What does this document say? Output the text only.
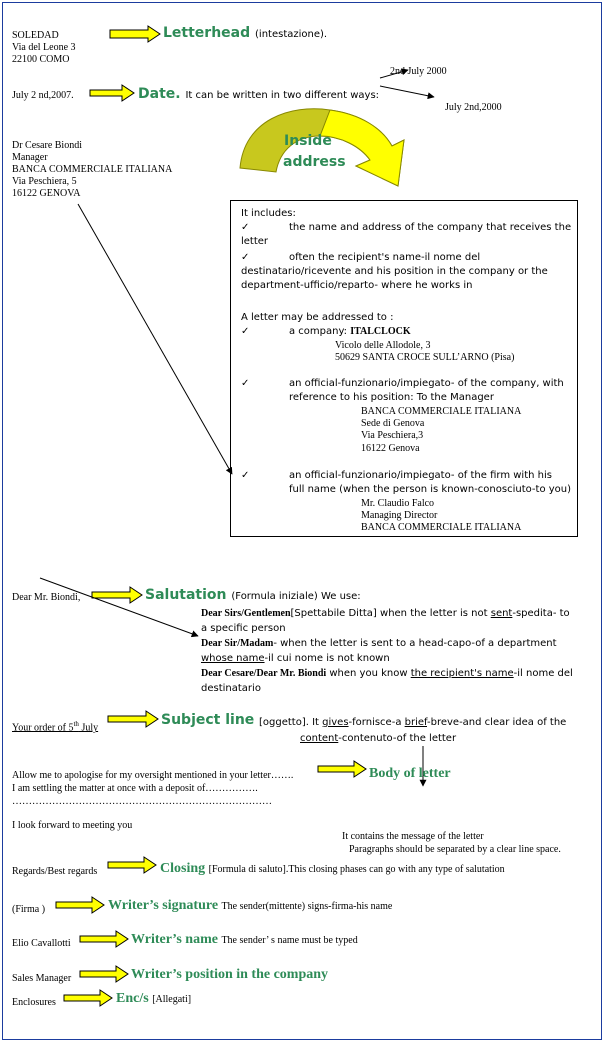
SOLEDAD
Via del Leone 3
22100 COMO
Letterhead (intestazione).
July 2 nd,2007.	Date. It can be written in two different ways:
2nd July 2000
July 2nd,2000
Inside
address
Dr Cesare Biondi
Manager
BANCA COMMERCIALE ITALIANA
Via Peschiera, 5
16122 GENOVA
It includes:
✓	the name and address of the company that receives the
letter
✓	often the recipient's name-il nome del
destinatario/ricevente and his position in the company or the
department-ufficio/reparto- where he works in
A letter may be addressed to :
✓	a company: ITALCLOCK
Vicolo delle Allodole, 3
50629 SANTA CROCE SULL’ARNO (Pisa)
✓	an official-funzionario/impiegato- of the company, with
reference to his position: To the Manager
BANCA COMMERCIALE ITALIANA
Sede di Genova
Via Peschiera,3
16122 Genova
✓	an official-funzionario/impiegato- of the firm with his
full name (when the person is known-conosciuto-to you)
Mr. Claudio Falco
Managing Director
BANCA COMMERCIALE ITALIANA
Dear Mr. Biondi,	Salutation (Formula iniziale) We use:
Dear Sirs/Gentlemen[Spettabile Ditta] when the letter is not sent-spedita- to
a specific person
Dear Sir/Madam- when the letter is sent to a head-capo-of a department
whose name-il cui nome is not known
Dear Cesare/Dear Mr. Biondi when you know the recipient's name-il nome del
destinatario
Your order of 5th July	Subject line [oggetto]. It gives-fornisce-a brief-breve-and clear idea of the
content-contenuto-of the letter
Allow me to apologise for my oversight mentioned in your letter…….
I am settling the matter at once with a deposit of…………….
……………………………………………………………………
I look forward to meeting you
Body of letter
It contains the message of the letter
Paragraphs should be separated by a clear line space.
Regards/Best regards	Closing [Formula di saluto].This closing phases can go with any type of salutation
(Firma )	Writer’s signature The sender(mittente) signs-firma-his name
Elio Cavallotti	Writer’s name The sender’ s name must be typed
Sales Manager	Writer’s position in the company
Enclosures	Enc/s [Allegati]
